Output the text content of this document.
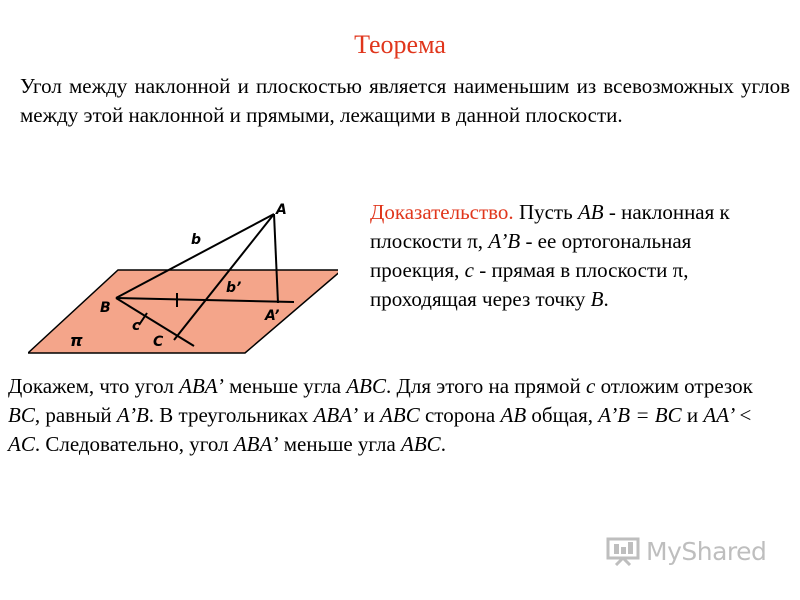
Теорема
Угол между наклонной и плоскостью является наименьшим из всевозможных углов между этой наклонной и прямыми, лежащими в данной плоскости.
A
b
b’
B	A’
c
C
π
Доказательство. Пусть AB - наклонная к плоскости π, A’B - ее ортогональная проекция, c - прямая в плоскости π, проходящая через точку B.
Докажем, что угол ABA’ меньше угла ABC. Для этого на прямой c отложим отрезок BC, равный A’B. В треугольниках ABA’ и ABC сторона AB общая, A’B = BC и AA’ < AC. Следовательно, угол ABA’ меньше угла ABC.
MyShared
